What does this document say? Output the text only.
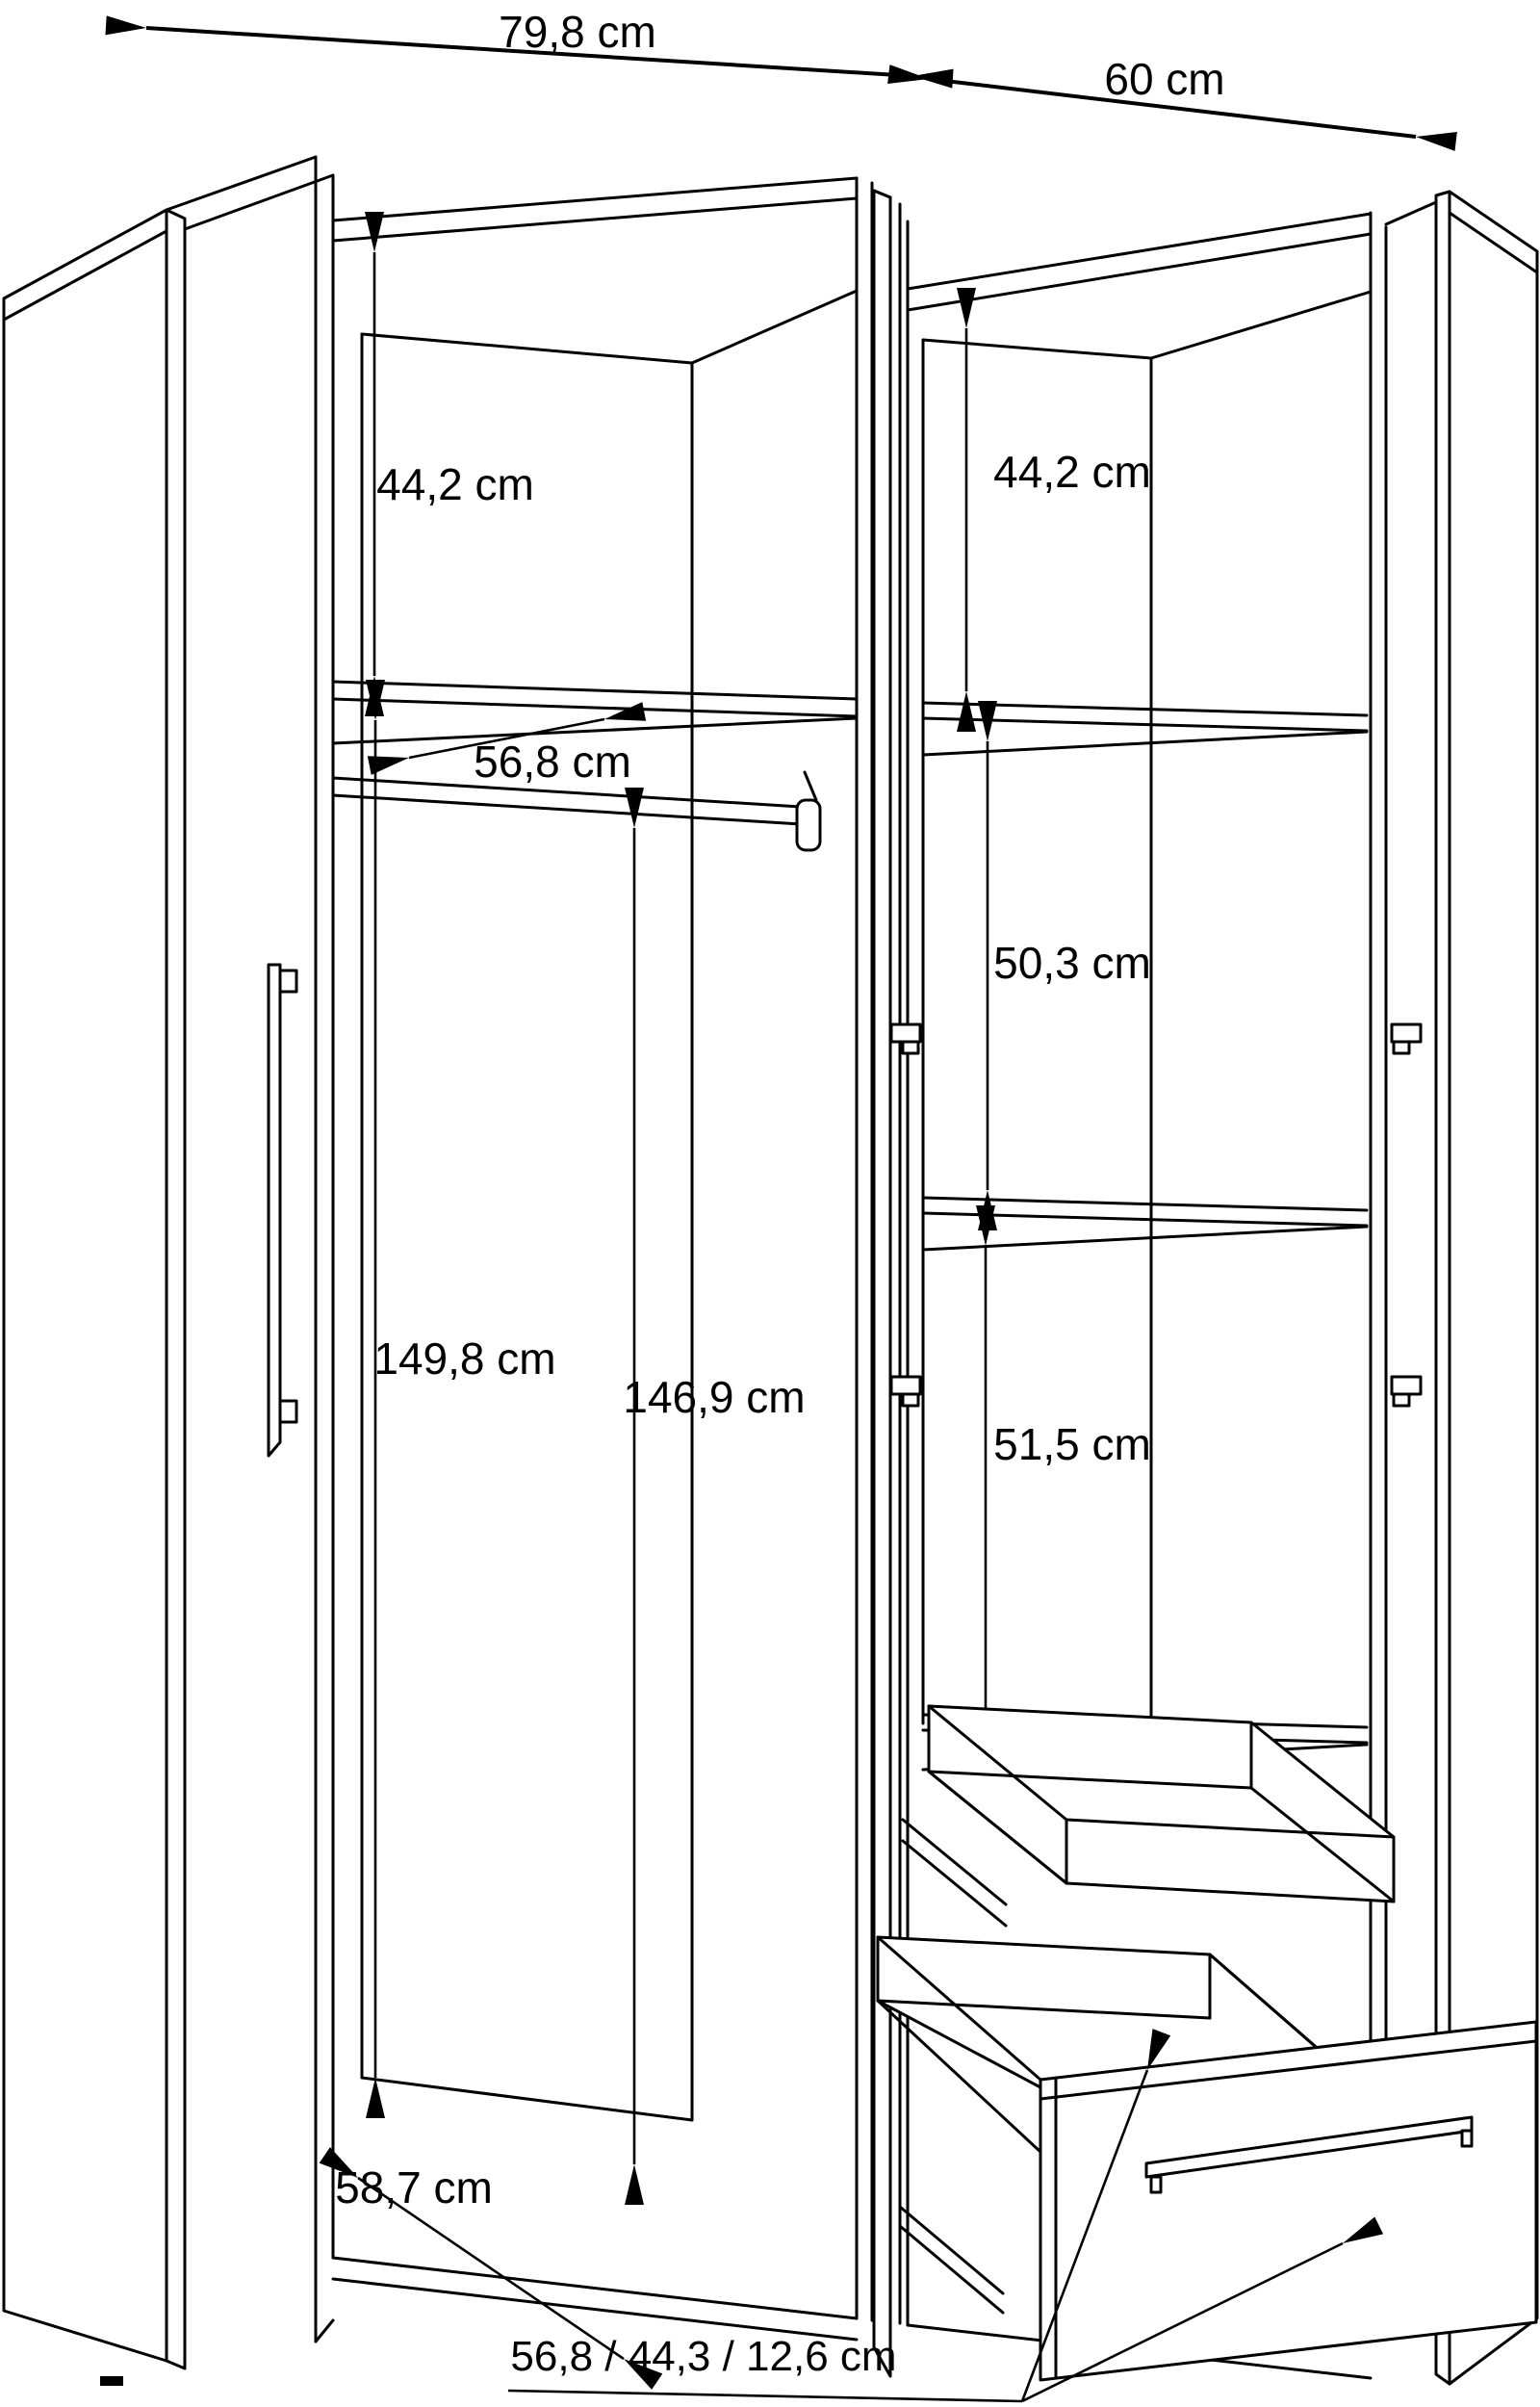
79,8 cm
60 cm
44,2 cm
56,8 cm
149,8 cm
146,9 cm
58,7 cm
44,2 cm
50,3 cm
51,5 cm
56,8 / 44,3 / 12,6 cm
